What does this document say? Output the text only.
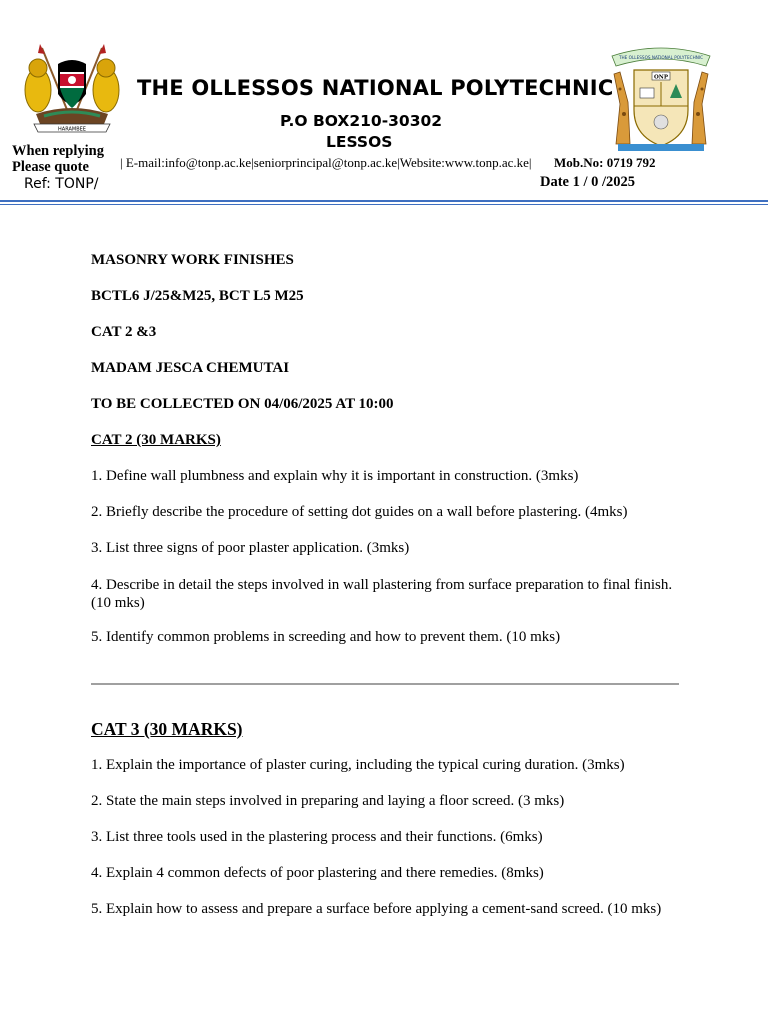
HARAMBEE
THE OLLESSOS NATIONAL POLYTECHNIC
ONP
THE OLLESSOS NATIONAL POLYTECHNIC
P.O BOX210-30302
LESSOS
When replying
Please quote
Ref: TONP/
| E-mail:info@tonp.ac.ke|seniorprincipal@tonp.ac.ke|Website:www.tonp.ac.ke| Mob.No: 0719 792
Date 1 / 0 /2025
MASONRY WORK FINISHES
BCTL6 J/25&M25, BCT L5 M25
CAT 2 &3
MADAM JESCA CHEMUTAI
TO BE COLLECTED ON 04/06/2025 AT 10:00
CAT 2 (30 MARKS)
1. Define wall plumbness and explain why it is important in construction. (3mks)
2. Briefly describe the procedure of setting dot guides on a wall before plastering. (4mks)
3. List three signs of poor plaster application. (3mks)
4. Describe in detail the steps involved in wall plastering from surface preparation to final finish. (10 mks)
5. Identify common problems in screeding and how to prevent them. (10 mks)
CAT 3 (30 MARKS)
1. Explain the importance of plaster curing, including the typical curing duration. (3mks)
2. State the main steps involved in preparing and laying a floor screed. (3 mks)
3. List three tools used in the plastering process and their functions. (6mks)
4. Explain 4 common defects of poor plastering and there remedies. (8mks)
5. Explain how to assess and prepare a surface before applying a cement-sand screed. (10 mks)
